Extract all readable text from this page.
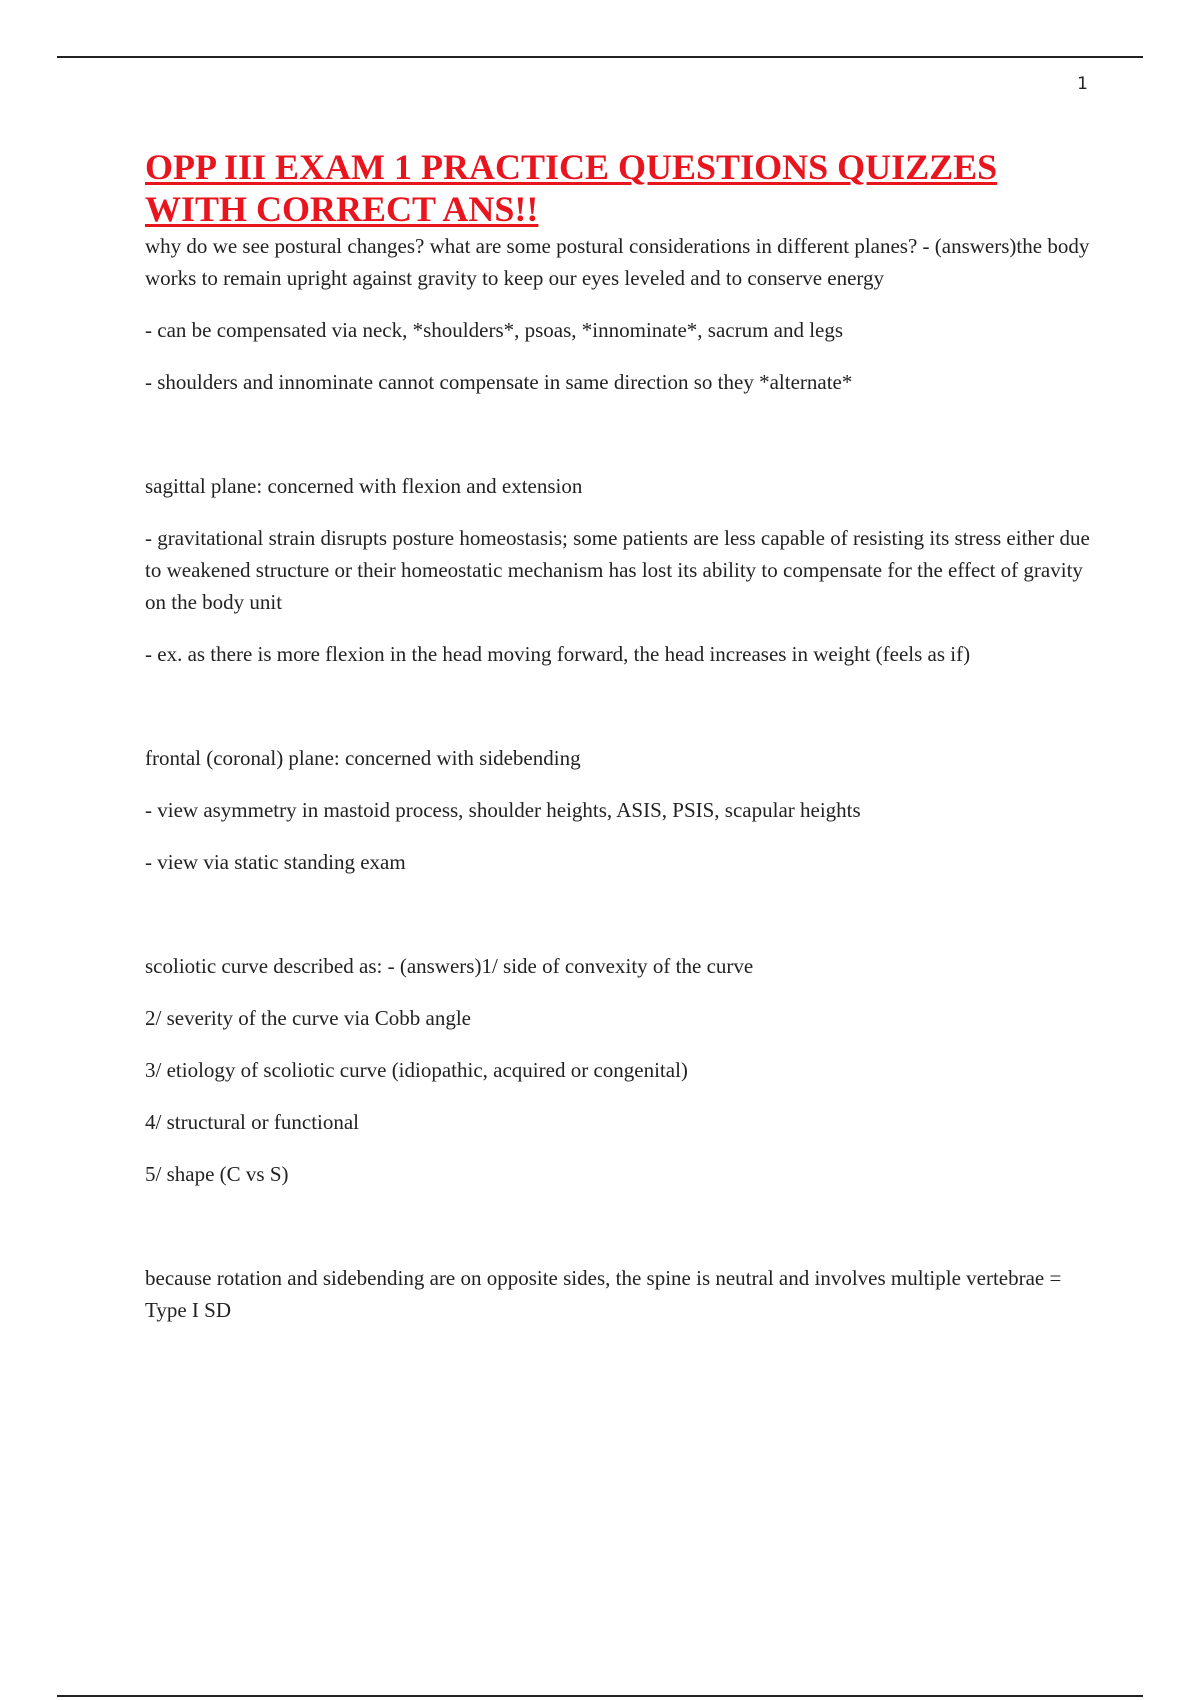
1
OPP III EXAM 1 PRACTICE QUESTIONS QUIZZES WITH CORRECT ANS!!

why do we see postural changes? what are some postural considerations in different planes? - (answers)the body works to remain upright against gravity to keep our eyes leveled and to conserve energy

- can be compensated via neck, *shoulders*, psoas, *innominate*, sacrum and legs

- shoulders and innominate cannot compensate in same direction so they *alternate*

sagittal plane: concerned with flexion and extension

- gravitational strain disrupts posture homeostasis; some patients are less capable of resisting its stress either due to weakened structure or their homeostatic mechanism has lost its ability to compensate for the effect of gravity on the body unit

- ex. as there is more flexion in the head moving forward, the head increases in weight (feels as if)

frontal (coronal) plane: concerned with sidebending

- view asymmetry in mastoid process, shoulder heights, ASIS, PSIS, scapular heights

- view via static standing exam

scoliotic curve described as: - (answers)1/ side of convexity of the curve

2/ severity of the curve via Cobb angle

3/ etiology of scoliotic curve (idiopathic, acquired or congenital)

4/ structural or functional

5/ shape (C vs S)

because rotation and sidebending are on opposite sides, the spine is neutral and involves multiple vertebrae = Type I SD
